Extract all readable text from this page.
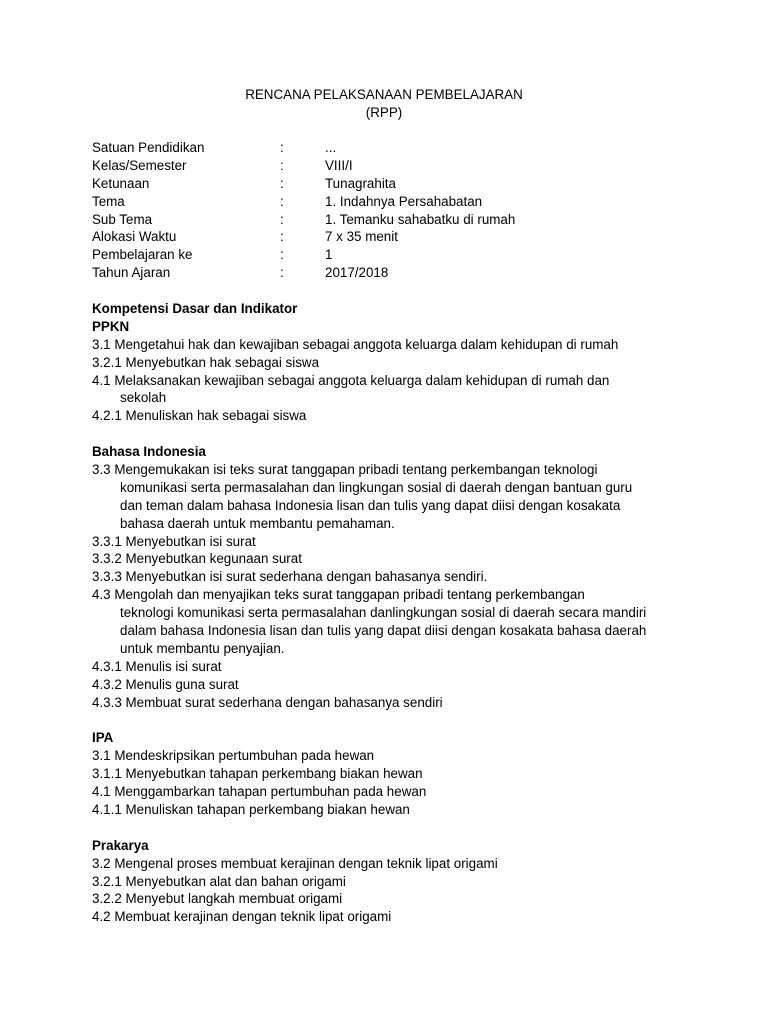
RENCANA PELAKSANAAN PEMBELAJARAN
(RPP)
Satuan Pendidikan	:	...
Kelas/Semester	:	VIII/I
Ketunaan	:	Tunagrahita
Tema	:	1. Indahnya Persahabatan
Sub Tema	:	1. Temanku sahabatku di rumah
Alokasi Waktu	:	7 x 35 menit
Pembelajaran ke	:	1
Tahun Ajaran	:	2017/2018
Kompetensi Dasar dan Indikator
PPKN
3.1 Mengetahui hak dan kewajiban sebagai anggota keluarga dalam kehidupan di rumah
3.2.1 Menyebutkan hak sebagai siswa
4.1 Melaksanakan kewajiban sebagai anggota keluarga dalam kehidupan di rumah dan
sekolah
4.2.1 Menuliskan hak sebagai siswa
Bahasa Indonesia
3.3 Mengemukakan isi teks surat tanggapan pribadi tentang perkembangan teknologi
komunikasi serta permasalahan dan lingkungan sosial di daerah dengan bantuan guru
dan teman dalam bahasa Indonesia lisan dan tulis yang dapat diisi dengan kosakata
bahasa daerah untuk membantu pemahaman.
3.3.1 Menyebutkan isi surat
3.3.2 Menyebutkan kegunaan surat
3.3.3 Menyebutkan isi surat sederhana dengan bahasanya sendiri.
4.3 Mengolah dan menyajikan teks surat tanggapan pribadi tentang perkembangan
teknologi komunikasi serta permasalahan danlingkungan sosial di daerah secara mandiri
dalam bahasa Indonesia lisan dan tulis yang dapat diisi dengan kosakata bahasa daerah
untuk membantu penyajian.
4.3.1 Menulis isi surat
4.3.2 Menulis guna surat
4.3.3 Membuat surat sederhana dengan bahasanya sendiri
IPA
3.1 Mendeskripsikan pertumbuhan pada hewan
3.1.1 Menyebutkan tahapan perkembang biakan hewan
4.1 Menggambarkan tahapan pertumbuhan pada hewan
4.1.1 Menuliskan tahapan perkembang biakan hewan
Prakarya
3.2 Mengenal proses membuat kerajinan dengan teknik lipat origami
3.2.1 Menyebutkan alat dan bahan origami
3.2.2 Menyebut langkah membuat origami
4.2 Membuat kerajinan dengan teknik lipat origami
